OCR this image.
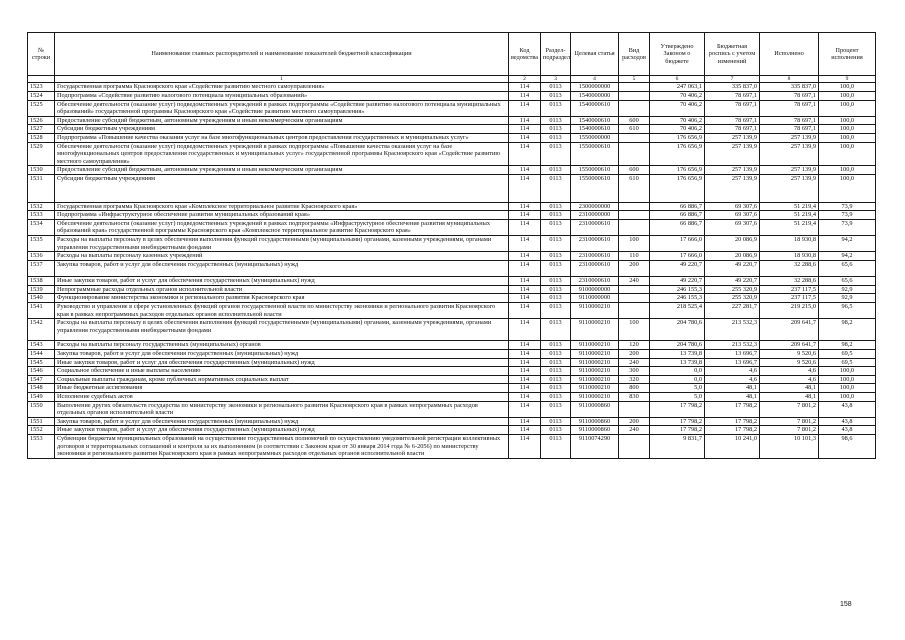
№ строки	Наименование главных распорядителей и наименование показателей бюджетной классификации	Код ведомства	Раздел-подраздел	Целевая статья	Вид расходов	Утверждено Законом о бюджете	Бюджетная роспись с учетом изменений	Исполнено	Процент исполнения
	1	2	3	4	5	6	7	8	9
1523	Государственная программа Красноярского края «Содействие развитию местного самоуправления»	114	0113	1500000000		247 063,1	335 837,0	335 837,0	100,0
1524	Подпрограмма «Содействие развитию налогового потенциала муниципальных образований»	114	0113	1540000000		70 406,2	78 697,1	78 697,1	100,0
1525	Обеспечение деятельности (оказание услуг) подведомственных учреждений в рамках подпрограммы «Содействие развитию налогового потенциала муниципальных образований» государственной программы Красноярского края «Содействие развитию местного самоуправления»	114	0113	1540000610		70 406,2	78 697,1	78 697,1	100,0
1526	Предоставление субсидий бюджетным, автономным учреждениям и иным некоммерческим организациям	114	0113	1540000610	600	70 406,2	78 697,1	78 697,1	100,0
1527	Субсидии бюджетным учреждениям	114	0113	1540000610	610	70 406,2	78 697,1	78 697,1	100,0
1528	Подпрограмма «Повышение качества оказания услуг на базе многофункциональных центров предоставления государственных и муниципальных услуг»	114	0113	1550000000		176 656,9	257 139,9	257 139,9	100,0
1529	Обеспечение деятельности (оказание услуг) подведомственных учреждений в рамках подпрограммы «Повышение качества оказания услуг на базе многофункциональных центров предоставления государственных и муниципальных услуг» государственной программы Красноярского края «Содействие развитию местного самоуправления»	114	0113	1550000610		176 656,9	257 139,9	257 139,9	100,0
1530	Предоставление субсидий бюджетным, автономным учреждениям и иным некоммерческим организациям	114	0113	1550000610	600	176 656,9	257 139,9	257 139,9	100,0
1531	Субсидии бюджетным учреждениям	114	0113	1550000610	610	176 656,9	257 139,9	257 139,9	100,0
1532	Государственная программа Красноярского края «Комплексное территориальное развитие Красноярского края»	114	0113	2300000000		66 886,7	69 307,6	51 219,4	73,9
1533	Подпрограмма «Инфраструктурное обеспечение развития муниципальных образований края»	114	0113	2310000000		66 886,7	69 307,6	51 219,4	73,9
1534	Обеспечение деятельности (оказание услуг) подведомственных учреждений в рамках подпрограммы «Инфраструктурное обеспечение развития муниципальных образований края» государственной программы Красноярского края «Комплексное территориальное развитие Красноярского края»	114	0113	2310000610		66 886,7	69 307,6	51 219,4	73,9
1535	Расходы на выплаты персоналу в целях обеспечения выполнения функций государственными (муниципальными) органами, казенными учреждениями, органами управления государственными внебюджетными фондами	114	0113	2310000610	100	17 666,0	20 086,9	18 930,8	94,2
1536	Расходы на выплаты персоналу казенных учреждений	114	0113	2310000610	110	17 666,0	20 086,9	18 930,8	94,2
1537	Закупка товаров, работ и услуг для обеспечения государственных (муниципальных) нужд	114	0113	2310000610	200	49 220,7	49 220,7	32 288,6	65,6
1538	Иные закупки товаров, работ и услуг для обеспечения государственных (муниципальных) нужд	114	0113	2310000610	240	49 220,7	49 220,7	32 288,6	65,6
1539	Непрограммные расходы отдельных органов исполнительной власти	114	0113	9100000000		246 155,3	255 320,9	237 117,5	92,9
1540	Функционирование министерства экономики и регионального развития Красноярского края	114	0113	9110000000		246 155,3	255 320,9	237 117,5	92,9
1541	Руководство и управление в сфере установленных функций органов государственной власти по министерству экономики и регионального развития Красноярского края в рамках непрограммных расходов отдельных органов исполнительной власти	114	0113	9110000210		218 525,4	227 281,7	219 215,0	96,5
1542	Расходы на выплаты персоналу в целях обеспечения выполнения функций государственными (муниципальными) органами, казенными учреждениями, органами управления государственными внебюджетными фондами	114	0113	9110000210	100	204 780,6	213 532,3	209 641,7	98,2
1543	Расходы на выплаты персоналу государственных (муниципальных) органов	114	0113	9110000210	120	204 780,6	213 532,3	209 641,7	98,2
1544	Закупка товаров, работ и услуг для обеспечения государственных (муниципальных) нужд	114	0113	9110000210	200	13 739,8	13 696,7	9 520,6	69,5
1545	Иные закупки товаров, работ и услуг для обеспечения государственных (муниципальных) нужд	114	0113	9110000210	240	13 739,8	13 696,7	9 520,6	69,5
1546	Социальное обеспечение и иные выплаты населению	114	0113	9110000210	300	0,0	4,6	4,6	100,0
1547	Социальные выплаты гражданам, кроме публичных нормативных социальных выплат	114	0113	9110000210	320	0,0	4,6	4,6	100,0
1548	Иные бюджетные ассигнования	114	0113	9110000210	800	5,0	48,1	48,1	100,0
1549	Исполнение судебных актов	114	0113	9110000210	830	5,0	48,1	48,1	100,0
1550	Выполнение других обязательств государства по министерству экономики и регионального развития Красноярского края в рамках непрограммных расходов отдельных органов исполнительной власти	114	0113	9110000860		17 798,2	17 798,2	7 801,2	43,8
1551	Закупка товаров, работ и услуг для обеспечения государственных (муниципальных) нужд	114	0113	9110000860	200	17 798,2	17 798,2	7 801,2	43,8
1552	Иные закупки товаров, работ и услуг для обеспечения государственных (муниципальных) нужд	114	0113	9110000860	240	17 798,2	17 798,2	7 801,2	43,8
1553	Субвенции бюджетам муниципальных образований на осуществление государственных полномочий по осуществлению уведомительной регистрации коллективных договоров и территориальных соглашений и контроля за их выполнением (в соответствии с Законом края от 30 января 2014 года № 6-2056) по министерству экономики и регионального развития Красноярского края в рамках непрограммных расходов отдельных органов исполнительной власти	114	0113	9110074290		9 831,7	10 241,0	10 101,3	98,6
158
